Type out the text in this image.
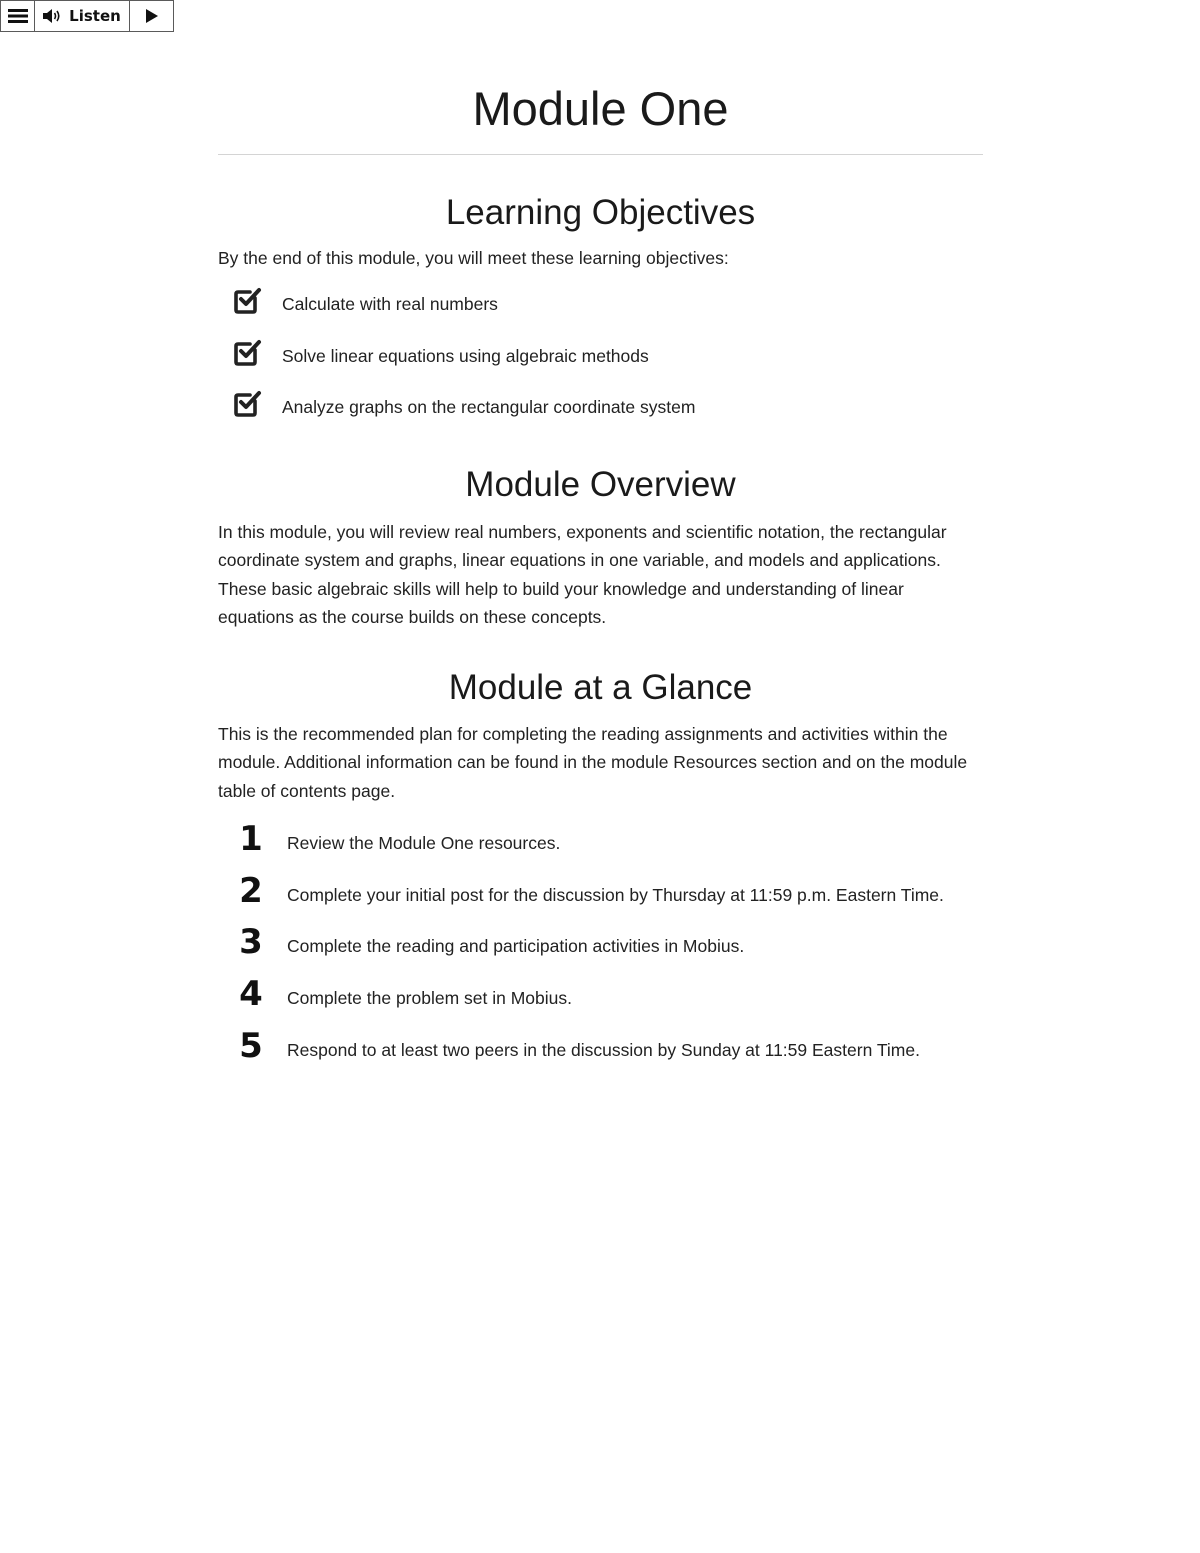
Listen
Module One
Learning Objectives

By the end of this module, you will meet these learning objectives:

Calculate with real numbers
Solve linear equations using algebraic methods
Analyze graphs on the rectangular coordinate system
Module Overview

In this module, you will review real numbers, exponents and scientific notation, the rectangular coordinate system and graphs, linear equations in one variable, and models and applications. These basic algebraic skills will help to build your knowledge and understanding of linear equations as the course builds on these concepts.

Module at a Glance

This is the recommended plan for completing the reading assignments and activities within the module. Additional information can be found in the module Resources section and on the module table of contents page.

1 Review the Module One resources.
2 Complete your initial post for the discussion by Thursday at 11:59 p.m. Eastern Time.
3 Complete the reading and participation activities in Mobius.
4 Complete the problem set in Mobius.
5 Respond to at least two peers in the discussion by Sunday at 11:59 Eastern Time.
